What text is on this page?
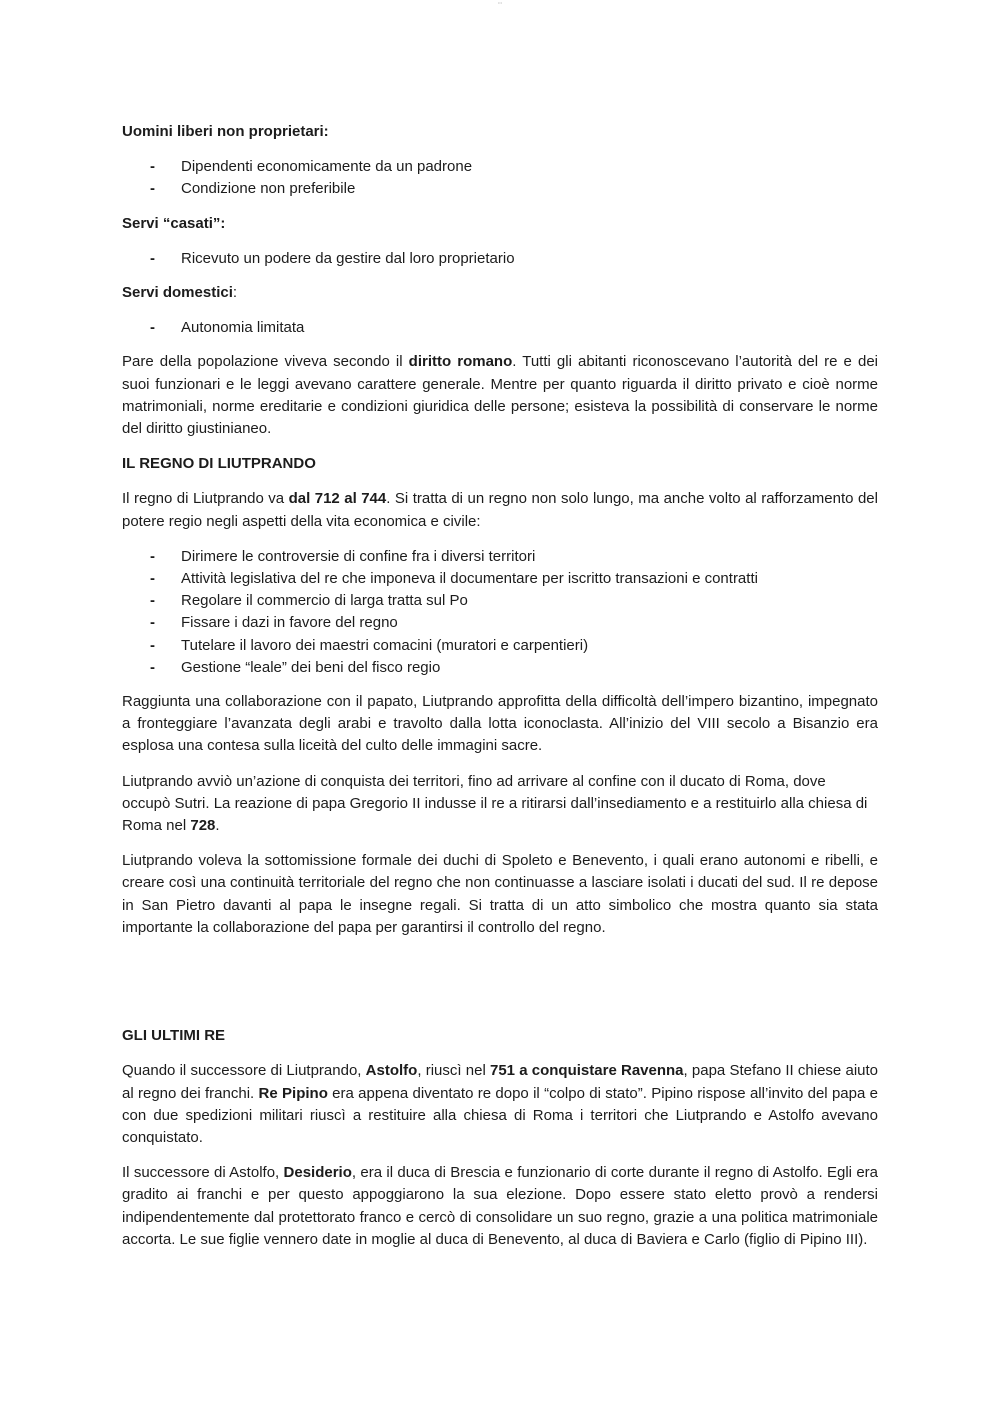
•••
Uomini liberi non proprietari:
- Dipendenti economicamente da un padrone
- Condizione non preferibile
Servi “casati”:
- Ricevuto un podere da gestire dal loro proprietario
Servi domestici:
- Autonomia limitata

Pare della popolazione viveva secondo il diritto romano. Tutti gli abitanti riconoscevano l’autorità del re e dei suoi funzionari e le leggi avevano carattere generale. Mentre per quanto riguarda il diritto privato e cioè norme matrimoniali, norme ereditarie e condizioni giuridica delle persone; esisteva la possibilità di conservare le norme del diritto giustinianeo.

IL REGNO DI LIUTPRANDO

Il regno di Liutprando va dal 712 al 744. Si tratta di un regno non solo lungo, ma anche volto al rafforzamento del potere regio negli aspetti della vita economica e civile:

- Dirimere le controversie di confine fra i diversi territori
- Attività legislativa del re che imponeva il documentare per iscritto transazioni e contratti
- Regolare il commercio di larga tratta sul Po
- Fissare i dazi in favore del regno
- Tutelare il lavoro dei maestri comacini (muratori e carpentieri)
- Gestione “leale” dei beni del fisco regio

Raggiunta una collaborazione con il papato, Liutprando approfitta della difficoltà dell’impero bizantino, impegnato a fronteggiare l’avanzata degli arabi e travolto dalla lotta iconoclasta. All’inizio del VIII secolo a Bisanzio era esplosa una contesa sulla liceità del culto delle immagini sacre.

Liutprando avviò un’azione di conquista dei territori, fino ad arrivare al confine con il ducato di Roma, dove occupò Sutri. La reazione di papa Gregorio II indusse il re a ritirarsi dall’insediamento e a restituirlo alla chiesa di Roma nel 728.

Liutprando voleva la sottomissione formale dei duchi di Spoleto e Benevento, i quali erano autonomi e ribelli, e creare così una continuità territoriale del regno che non continuasse a lasciare isolati i ducati del sud. Il re depose in San Pietro davanti al papa le insegne regali. Si tratta di un atto simbolico che mostra quanto sia stata importante la collaborazione del papa per garantirsi il controllo del regno.

GLI ULTIMI RE

Quando il successore di Liutprando, Astolfo, riuscì nel 751 a conquistare Ravenna, papa Stefano II chiese aiuto al regno dei franchi. Re Pipino era appena diventato re dopo il “colpo di stato”. Pipino rispose all’invito del papa e con due spedizioni militari riuscì a restituire alla chiesa di Roma i territori che Liutprando e Astolfo avevano conquistato.

Il successore di Astolfo, Desiderio, era il duca di Brescia e funzionario di corte durante il regno di Astolfo. Egli era gradito ai franchi e per questo appoggiarono la sua elezione. Dopo essere stato eletto provò a rendersi indipendentemente dal protettorato franco e cercò di consolidare un suo regno, grazie a una politica matrimoniale accorta. Le sue figlie vennero date in moglie al duca di Benevento, al duca di Baviera e Carlo (figlio di Pipino III).
